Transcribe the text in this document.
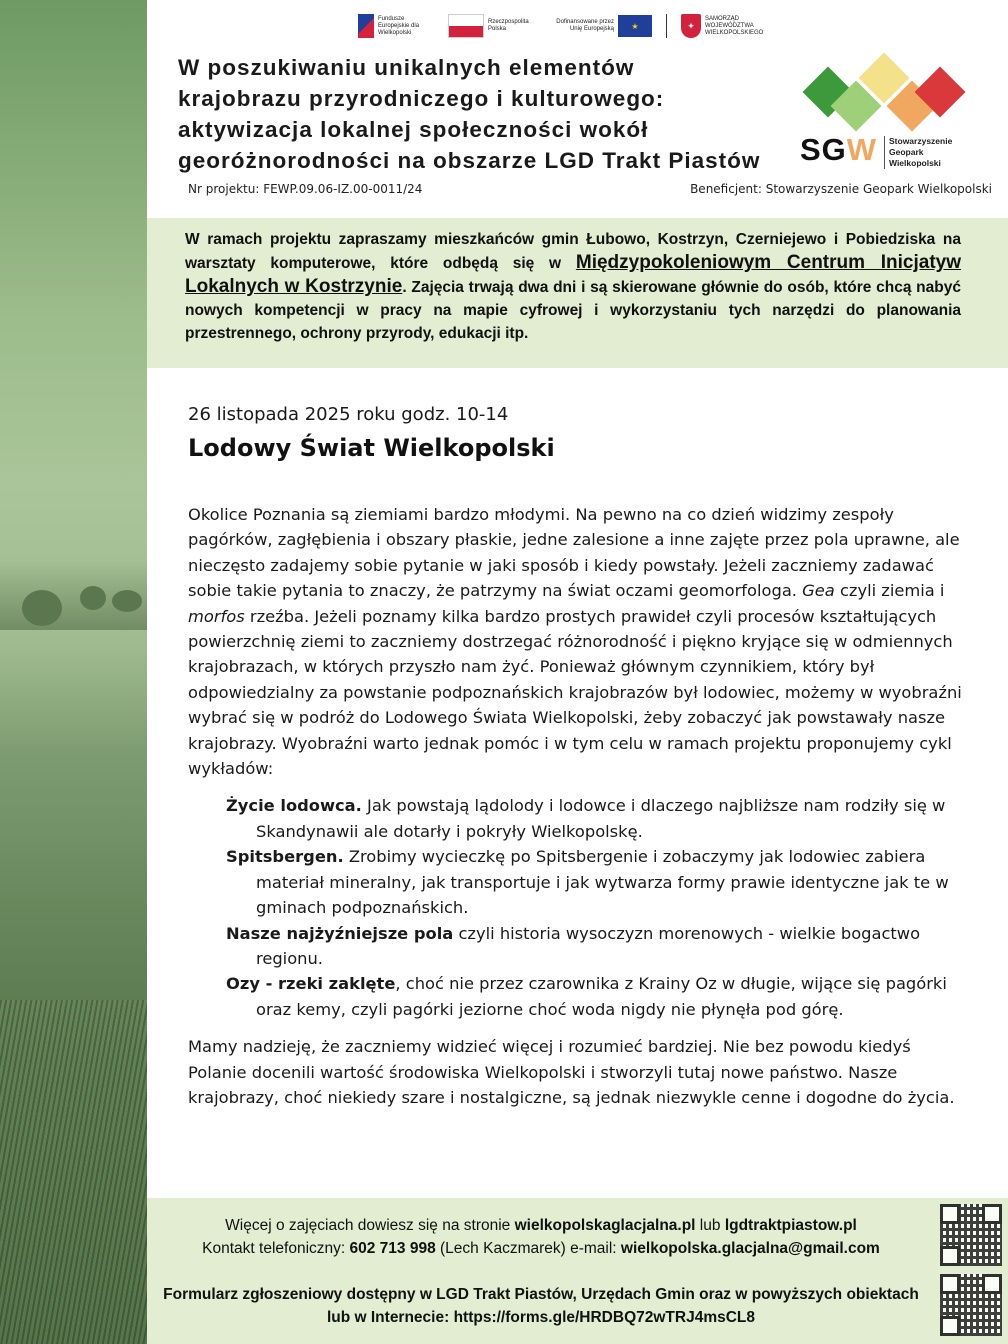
Fundusze Europejskie dla Wielkopolski
Rzeczpospolita Polska
Dofinansowane przez Unię Europejską	★	✦
SAMORZĄD WOJEWÓDZTWA WIELKOPOLSKIEGO
W poszukiwaniu unikalnych elementów
krajobrazu przyrodniczego i kulturowego:
aktywizacja lokalnej społeczności wokół
georóżnorodności na obszarze LGD Trakt Piastów	SGW Stowarzyszenie
Geopark
Wielkopolski
Nr projektu: FEWP.09.06-IZ.00-0011/24	Beneficjent: Stowarzyszenie Geopark Wielkopolski
W ramach projektu zapraszamy mieszkańców gmin Łubowo, Kostrzyn, Czerniejewo i Pobiedziska na warsztaty komputerowe, które odbędą się w Międzypokoleniowym Centrum Inicjatyw Lokalnych w Kostrzynie. Zajęcia trwają dwa dni i są skierowane głównie do osób, które chcą nabyć nowych kompetencji w pracy na mapie cyfrowej i wykorzystaniu tych narzędzi do planowania przestrennego, ochrony przyrody, edukacji itp.
26 listopada 2025 roku godz. 10-14
Lodowy Świat Wielkopolski

Okolice Poznania są ziemiami bardzo młodymi. Na pewno na co dzień widzimy zespoły pagórków, zagłębienia i obszary płaskie, jedne zalesione a inne zajęte przez pola uprawne, ale nieczęsto zadajemy sobie pytanie w jaki sposób i kiedy powstały. Jeżeli zaczniemy zadawać sobie takie pytania to znaczy, że patrzymy na świat oczami geomorfologa. Gea czyli ziemia i morfos rzeźba. Jeżeli poznamy kilka bardzo prostych prawideł czyli procesów kształtujących powierzchnię ziemi to zaczniemy dostrzegać różnorodność i piękno kryjące się w odmiennych krajobrazach, w których przyszło nam żyć. Ponieważ głównym czynnikiem, który był odpowiedzialny za powstanie podpoznańskich krajobrazów był lodowiec, możemy w wyobraźni wybrać się w podróż do Lodowego Świata Wielkopolski, żeby zobaczyć jak powstawały nasze krajobrazy. Wyobraźni warto jednak pomóc i w tym celu w ramach projektu proponujemy cykl wykładów:

Życie lodowca. Jak powstają lądolody i lodowce i dlaczego najbliższe nam rodziły się w Skandynawii ale dotarły i pokryły Wielkopolskę.
Spitsbergen. Zrobimy wycieczkę po Spitsbergenie i zobaczymy jak lodowiec zabiera materiał mineralny, jak transportuje i jak wytwarza formy prawie identyczne jak te w gminach podpoznańskich.
Nasze najżyźniejsze pola czyli historia wysoczyzn morenowych - wielkie bogactwo regionu.
Ozy - rzeki zaklęte, choć nie przez czarownika z Krainy Oz w długie, wijące się pagórki oraz kemy, czyli pagórki jeziorne choć woda nigdy nie płynęła pod górę.

Mamy nadzieję, że zaczniemy widzieć więcej i rozumieć bardziej. Nie bez powodu kiedyś Polanie docenili wartość środowiska Wielkopolski i stworzyli tutaj nowe państwo. Nasze krajobrazy, choć niekiedy szare i nostalgiczne, są jednak niezwykle cenne i dogodne do życia.

Więcej o zajęciach dowiesz się na stronie wielkopolskaglacjalna.pl lub lgdtraktpiastow.pl
Kontakt telefoniczny: 602 713 998 (Lech Kaczmarek) e-mail: wielkopolska.glacjalna@gmail.com
Formularz zgłoszeniowy dostępny w LGD Trakt Piastów, Urzędach Gmin oraz w powyższych obiektach lub w Internecie: https://forms.gle/HRDBQ72wTRJ4msCL8
